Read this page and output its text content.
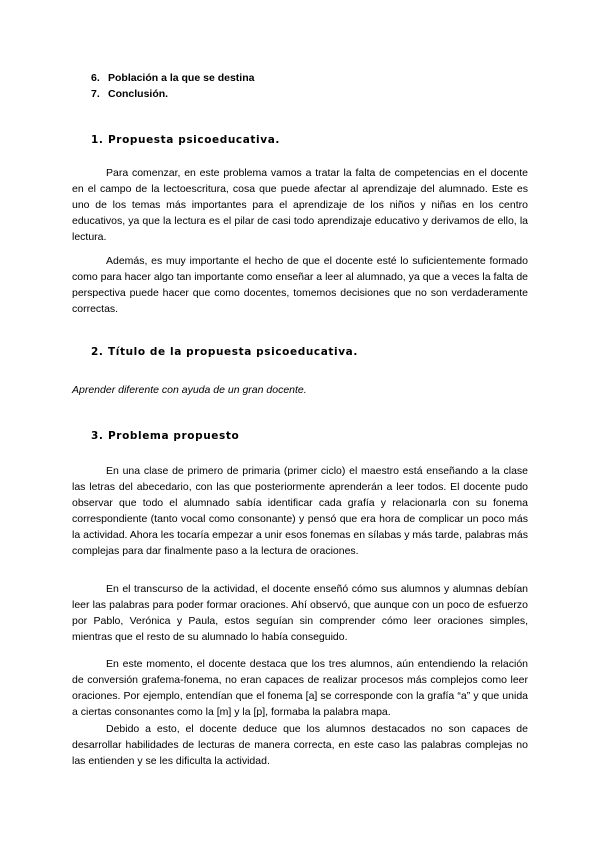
6. Población a la que se destina
7. Conclusión.
1. Propuesta psicoeducativa.

Para comenzar, en este problema vamos a tratar la falta de competencias en el docente en el campo de la lectoescritura, cosa que puede afectar al aprendizaje del alumnado. Este es uno de los temas más importantes para el aprendizaje de los niños y niñas en los centro educativos, ya que la lectura es el pilar de casi todo aprendizaje educativo y derivamos de ello, la lectura.

Además, es muy importante el hecho de que el docente esté lo suficientemente formado como para hacer algo tan importante como enseñar a leer al alumnado, ya que a veces la falta de perspectiva puede hacer que como docentes, tomemos decisiones que no son verdaderamente correctas.

2. Título de la propuesta psicoeducativa.
Aprender diferente con ayuda de un gran docente.
3. Problema propuesto

En una clase de primero de primaria (primer ciclo) el maestro está enseñando a la clase las letras del abecedario, con las que posteriormente aprenderán a leer todos. El docente pudo observar que todo el alumnado sabía identificar cada grafía y relacionarla con su fonema correspondiente (tanto vocal como consonante) y pensó que era hora de complicar un poco más la actividad. Ahora les tocaría empezar a unir esos fonemas en sílabas y más tarde, palabras más complejas para dar finalmente paso a la lectura de oraciones.

En el transcurso de la actividad, el docente enseñó cómo sus alumnos y alumnas debían leer las palabras para poder formar oraciones. Ahí observó, que aunque con un poco de esfuerzo por Pablo, Verónica y Paula, estos seguían sin comprender cómo leer oraciones simples, mientras que el resto de su alumnado lo había conseguido.

En este momento, el docente destaca que los tres alumnos, aún entendiendo la relación de conversión grafema-fonema, no eran capaces de realizar procesos más complejos como leer oraciones. Por ejemplo, entendían que el fonema [a] se corresponde con la grafía “a” y que unida a ciertas consonantes como la [m] y la [p], formaba la palabra mapa.

Debido a esto, el docente deduce que los alumnos destacados no son capaces de desarrollar habilidades de lecturas de manera correcta, en este caso las palabras complejas no las entienden y se les dificulta la actividad.
